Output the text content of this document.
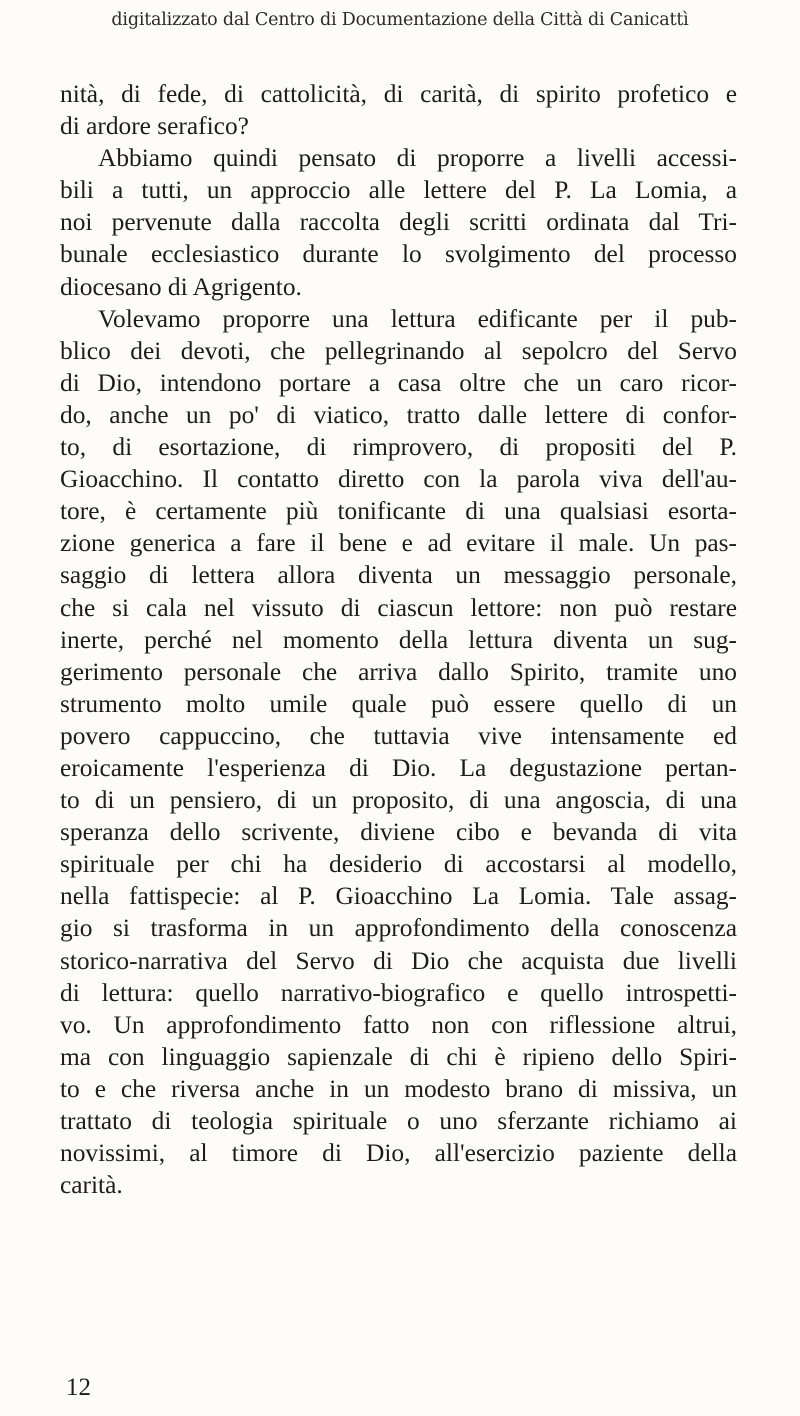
digitalizzato dal Centro di Documentazione della Città di Canicattì
nità, di fede, di cattolicità, di carità, di spirito profetico e
di ardore serafico?
Abbiamo quindi pensato di proporre a livelli accessi-
bili a tutti, un approccio alle lettere del P. La Lomia, a
noi pervenute dalla raccolta degli scritti ordinata dal Tri-
bunale ecclesiastico durante lo svolgimento del processo
diocesano di Agrigento.
Volevamo proporre una lettura edificante per il pub-
blico dei devoti, che pellegrinando al sepolcro del Servo
di Dio, intendono portare a casa oltre che un caro ricor-
do, anche un po' di viatico, tratto dalle lettere di confor-
to, di esortazione, di rimprovero, di propositi del P.
Gioacchino. Il contatto diretto con la parola viva dell'au-
tore, è certamente più tonificante di una qualsiasi esorta-
zione generica a fare il bene e ad evitare il male. Un pas-
saggio di lettera allora diventa un messaggio personale,
che si cala nel vissuto di ciascun lettore: non può restare
inerte, perché nel momento della lettura diventa un sug-
gerimento personale che arriva dallo Spirito, tramite uno
strumento molto umile quale può essere quello di un
povero cappuccino, che tuttavia vive intensamente ed
eroicamente l'esperienza di Dio. La degustazione pertan-
to di un pensiero, di un proposito, di una angoscia, di una
speranza dello scrivente, diviene cibo e bevanda di vita
spirituale per chi ha desiderio di accostarsi al modello,
nella fattispecie: al P. Gioacchino La Lomia. Tale assag-
gio si trasforma in un approfondimento della conoscenza
storico-narrativa del Servo di Dio che acquista due livelli
di lettura: quello narrativo-biografico e quello introspetti-
vo. Un approfondimento fatto non con riflessione altrui,
ma con linguaggio sapienzale di chi è ripieno dello Spiri-
to e che riversa anche in un modesto brano di missiva, un
trattato di teologia spirituale o uno sferzante richiamo ai
novissimi, al timore di Dio, all'esercizio paziente della
carità.
12
